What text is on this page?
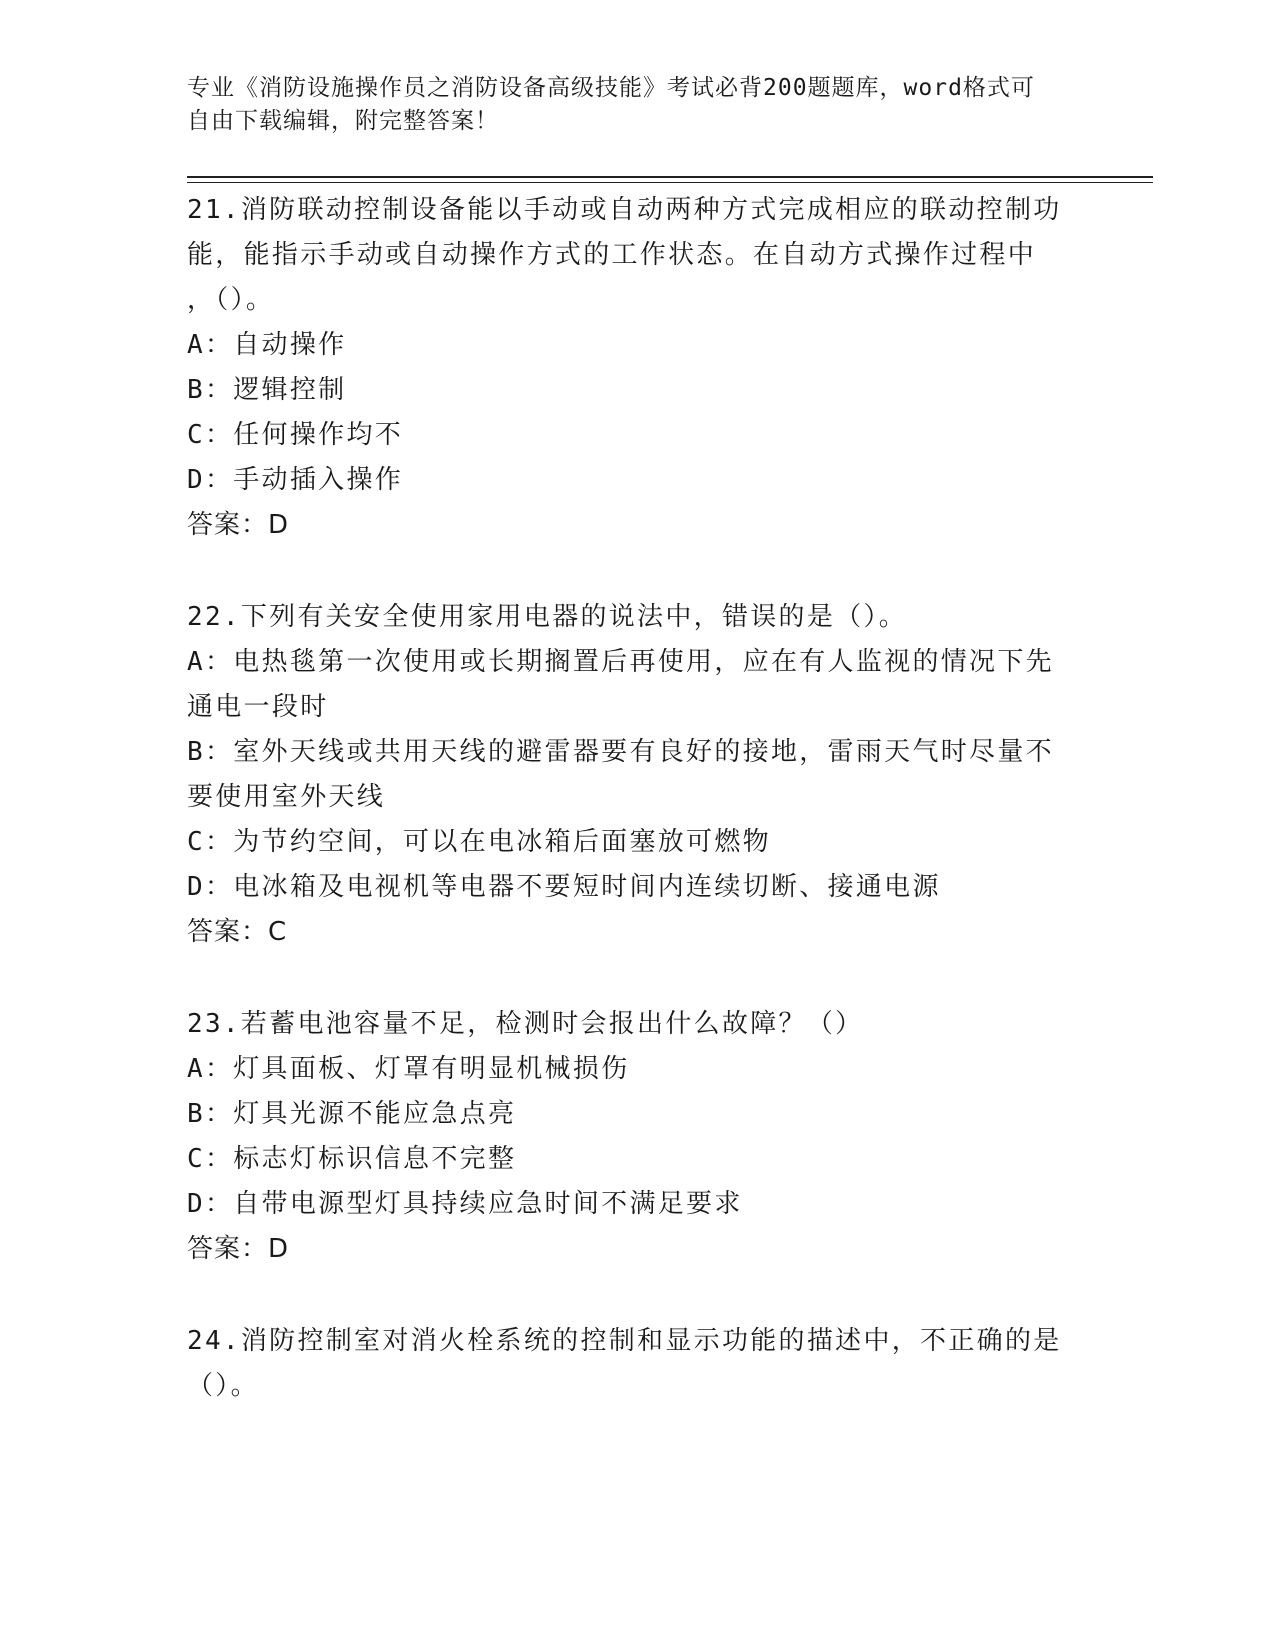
专业《消防设施操作员之消防设备高级技能》考试必背200题题库，word格式可
自由下载编辑，附完整答案！
21.消防联动控制设备能以手动或自动两种方式完成相应的联动控制功
能，能指示手动或自动操作方式的工作状态。在自动方式操作过程中
，（）。
A：自动操作
B：逻辑控制
C：任何操作均不
D：手动插入操作
答案：D
22.下列有关安全使用家用电器的说法中，错误的是（）。
A：电热毯第一次使用或长期搁置后再使用，应在有人监视的情况下先
通电一段时
B：室外天线或共用天线的避雷器要有良好的接地，雷雨天气时尽量不
要使用室外天线
C：为节约空间，可以在电冰箱后面塞放可燃物
D：电冰箱及电视机等电器不要短时间内连续切断、接通电源
答案：C
23.若蓄电池容量不足，检测时会报出什么故障？（）
A：灯具面板、灯罩有明显机械损伤
B：灯具光源不能应急点亮
C：标志灯标识信息不完整
D：自带电源型灯具持续应急时间不满足要求
答案：D
24.消防控制室对消火栓系统的控制和显示功能的描述中，不正确的是
（）。
